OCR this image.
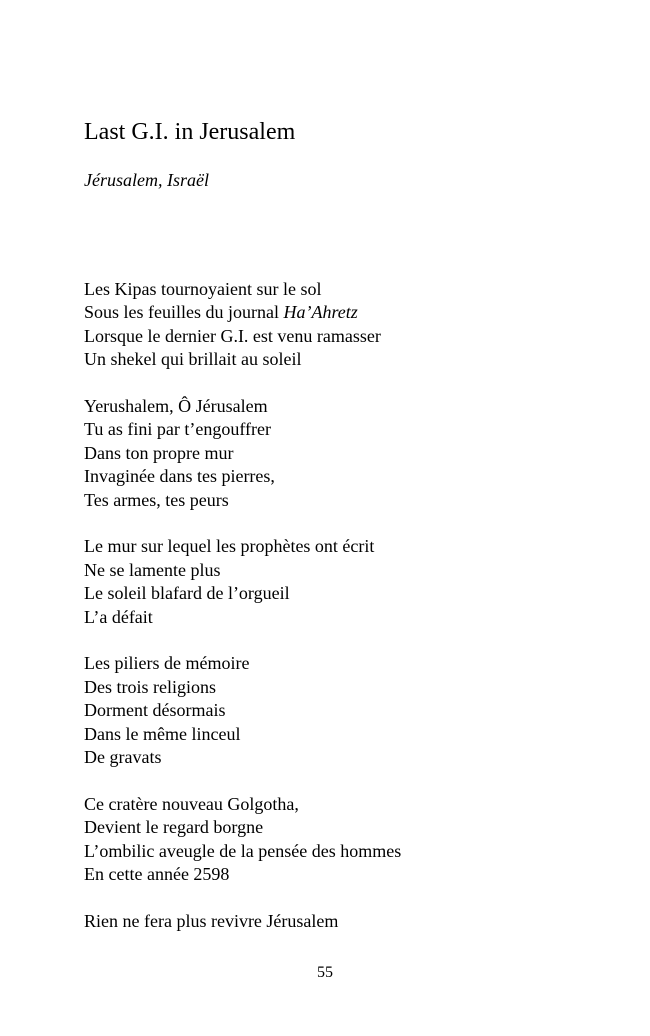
Last G.I. in Jerusalem

Jérusalem, Israël

Les Kipas tournoyaient sur le sol
Sous les feuilles du journal Ha’Ahretz
Lorsque le dernier G.I. est venu ramasser
Un shekel qui brillait au soleil
Yerushalem, Ô Jérusalem
Tu as fini par t’engouffrer
Dans ton propre mur
Invaginée dans tes pierres,
Tes armes, tes peurs
Le mur sur lequel les prophètes ont écrit
Ne se lamente plus
Le soleil blafard de l’orgueil
L’a défait
Les piliers de mémoire
Des trois religions
Dorment désormais
Dans le même linceul
De gravats
Ce cratère nouveau Golgotha,
Devient le regard borgne
L’ombilic aveugle de la pensée des hommes
En cette année 2598
Rien ne fera plus revivre Jérusalem
55
